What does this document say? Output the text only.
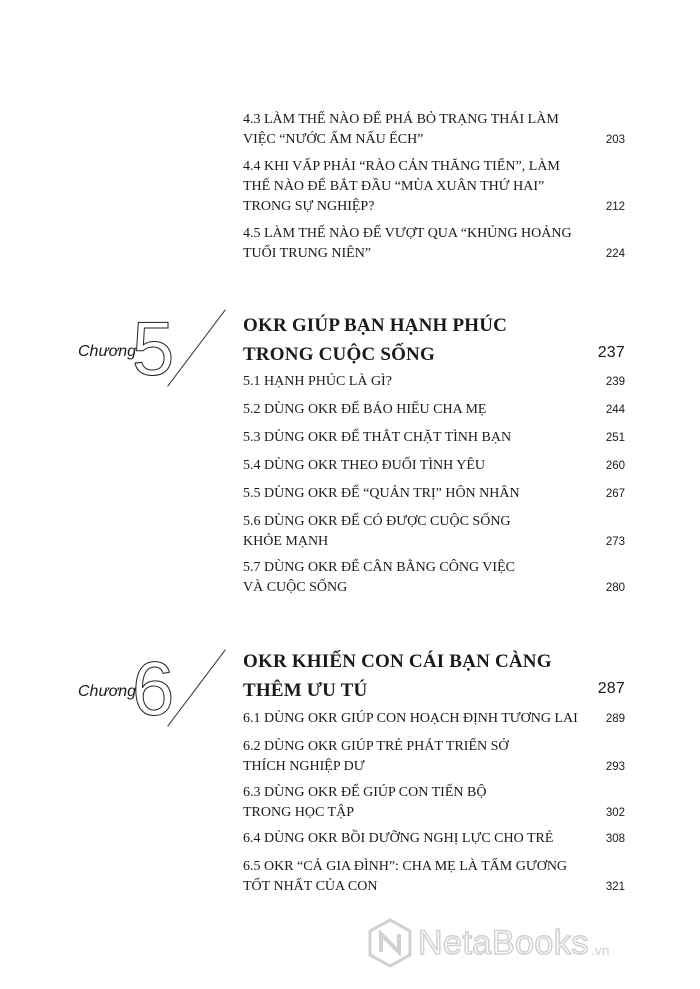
4.3 LÀM THẾ NÀO ĐỂ PHÁ BỎ TRẠNG THÁI LÀM VIỆC “NƯỚC ẤM NẤU ẾCH”	203
4.4 KHI VẤP PHẢI “RÀO CẢN THĂNG TIẾN”, LÀM THẾ NÀO ĐỂ BẮT ĐẦU “MÙA XUÂN THỨ HAI” TRONG SỰ NGHIỆP?	212
4.5 LÀM THẾ NÀO ĐỂ VƯỢT QUA “KHỦNG HOẢNG TUỔI TRUNG NIÊN”	224
Chương
5	OKR GIÚP BẠN HẠNH PHÚC TRONG CUỘC SỐNG	237
5.1 HẠNH PHÚC LÀ GÌ?	239
5.2 DÙNG OKR ĐỂ BÁO HIẾU CHA MẸ	244
5.3 DÙNG OKR ĐỂ THẮT CHẶT TÌNH BẠN	251
5.4 DÙNG OKR THEO ĐUỔI TÌNH YÊU	260
5.5 DÙNG OKR ĐỂ “QUẢN TRỊ” HÔN NHÂN	267
5.6 DÙNG OKR ĐỂ CÓ ĐƯỢC CUỘC SỐNG KHỎE MẠNH	273
5.7 DÙNG OKR ĐỂ CÂN BẰNG CÔNG VIỆC VÀ CUỘC SỐNG	280
Chương
6	OKR KHIẾN CON CÁI BẠN CÀNG THÊM ƯU TÚ	287
6.1 DÙNG OKR GIÚP CON HOẠCH ĐỊNH TƯƠNG LAI	289
6.2 DÙNG OKR GIÚP TRẺ PHÁT TRIỂN SỞ THÍCH NGHIỆP DƯ	293
6.3 DÙNG OKR ĐỂ GIÚP CON TIẾN BỘ TRONG HỌC TẬP	302
6.4 DÙNG OKR BỒI DƯỠNG NGHỊ LỰC CHO TRẺ	308
6.5 OKR “CẢ GIA ĐÌNH”: CHA MẸ LÀ TẤM GƯƠNG TỐT NHẤT CỦA CON	321
NetaBooks .vn
